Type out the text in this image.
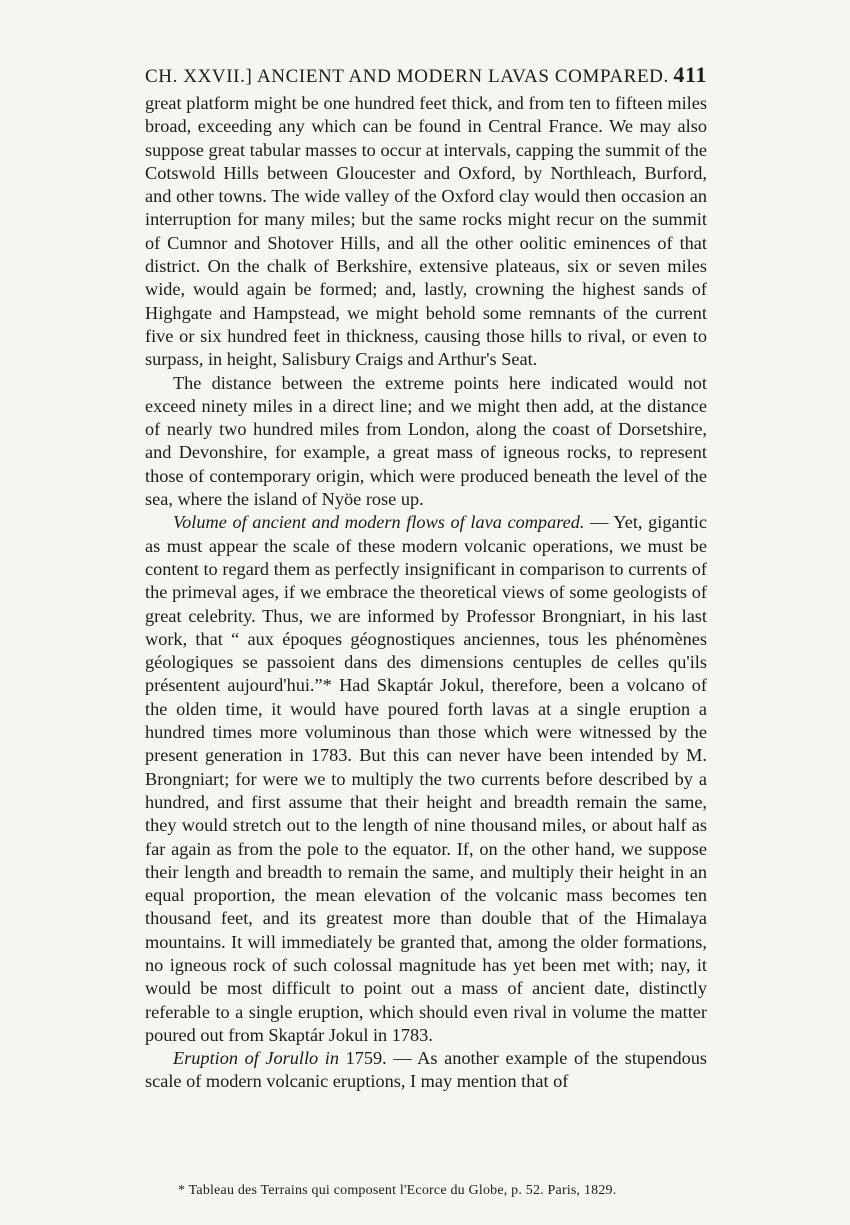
CH. XXVII.] ANCIENT AND MODERN LAVAS COMPARED. 411

great platform might be one hundred feet thick, and from ten to fifteen miles broad, exceeding any which can be found in Central France. We may also suppose great tabular masses to occur at intervals, capping the summit of the Cotswold Hills between Gloucester and Oxford, by Northleach, Burford, and other towns. The wide valley of the Oxford clay would then occasion an interruption for many miles; but the same rocks might recur on the summit of Cumnor and Shotover Hills, and all the other oolitic eminences of that district. On the chalk of Berkshire, extensive plateaus, six or seven miles wide, would again be formed; and, lastly, crowning the highest sands of Highgate and Hampstead, we might behold some remnants of the current five or six hundred feet in thickness, causing those hills to rival, or even to surpass, in height, Salisbury Craigs and Arthur's Seat.

The distance between the extreme points here indicated would not exceed ninety miles in a direct line; and we might then add, at the distance of nearly two hundred miles from London, along the coast of Dorsetshire, and Devonshire, for example, a great mass of igneous rocks, to represent those of contemporary origin, which were produced beneath the level of the sea, where the island of Nyöe rose up.

Volume of ancient and modern flows of lava compared. — Yet, gigantic as must appear the scale of these modern volcanic operations, we must be content to regard them as perfectly insignificant in comparison to currents of the primeval ages, if we embrace the theoretical views of some geologists of great celebrity. Thus, we are informed by Professor Brongniart, in his last work, that “ aux époques géognostiques anciennes, tous les phénomènes géologiques se passoient dans des dimensions centuples de celles qu'ils présentent aujourd'hui.”* Had Skaptár Jokul, therefore, been a volcano of the olden time, it would have poured forth lavas at a single eruption a hundred times more voluminous than those which were witnessed by the present generation in 1783. But this can never have been intended by M. Brongniart; for were we to multiply the two currents before described by a hundred, and first assume that their height and breadth remain the same, they would stretch out to the length of nine thousand miles, or about half as far again as from the pole to the equator. If, on the other hand, we suppose their length and breadth to remain the same, and multiply their height in an equal proportion, the mean elevation of the volcanic mass becomes ten thousand feet, and its greatest more than double that of the Himalaya mountains. It will immediately be granted that, among the older formations, no igneous rock of such colossal magnitude has yet been met with; nay, it would be most difficult to point out a mass of ancient date, distinctly referable to a single eruption, which should even rival in volume the matter poured out from Skaptár Jokul in 1783.

Eruption of Jorullo in 1759. — As another example of the stupendous scale of modern volcanic eruptions, I may mention that of

* Tableau des Terrains qui composent l'Ecorce du Globe, p. 52. Paris, 1829.
